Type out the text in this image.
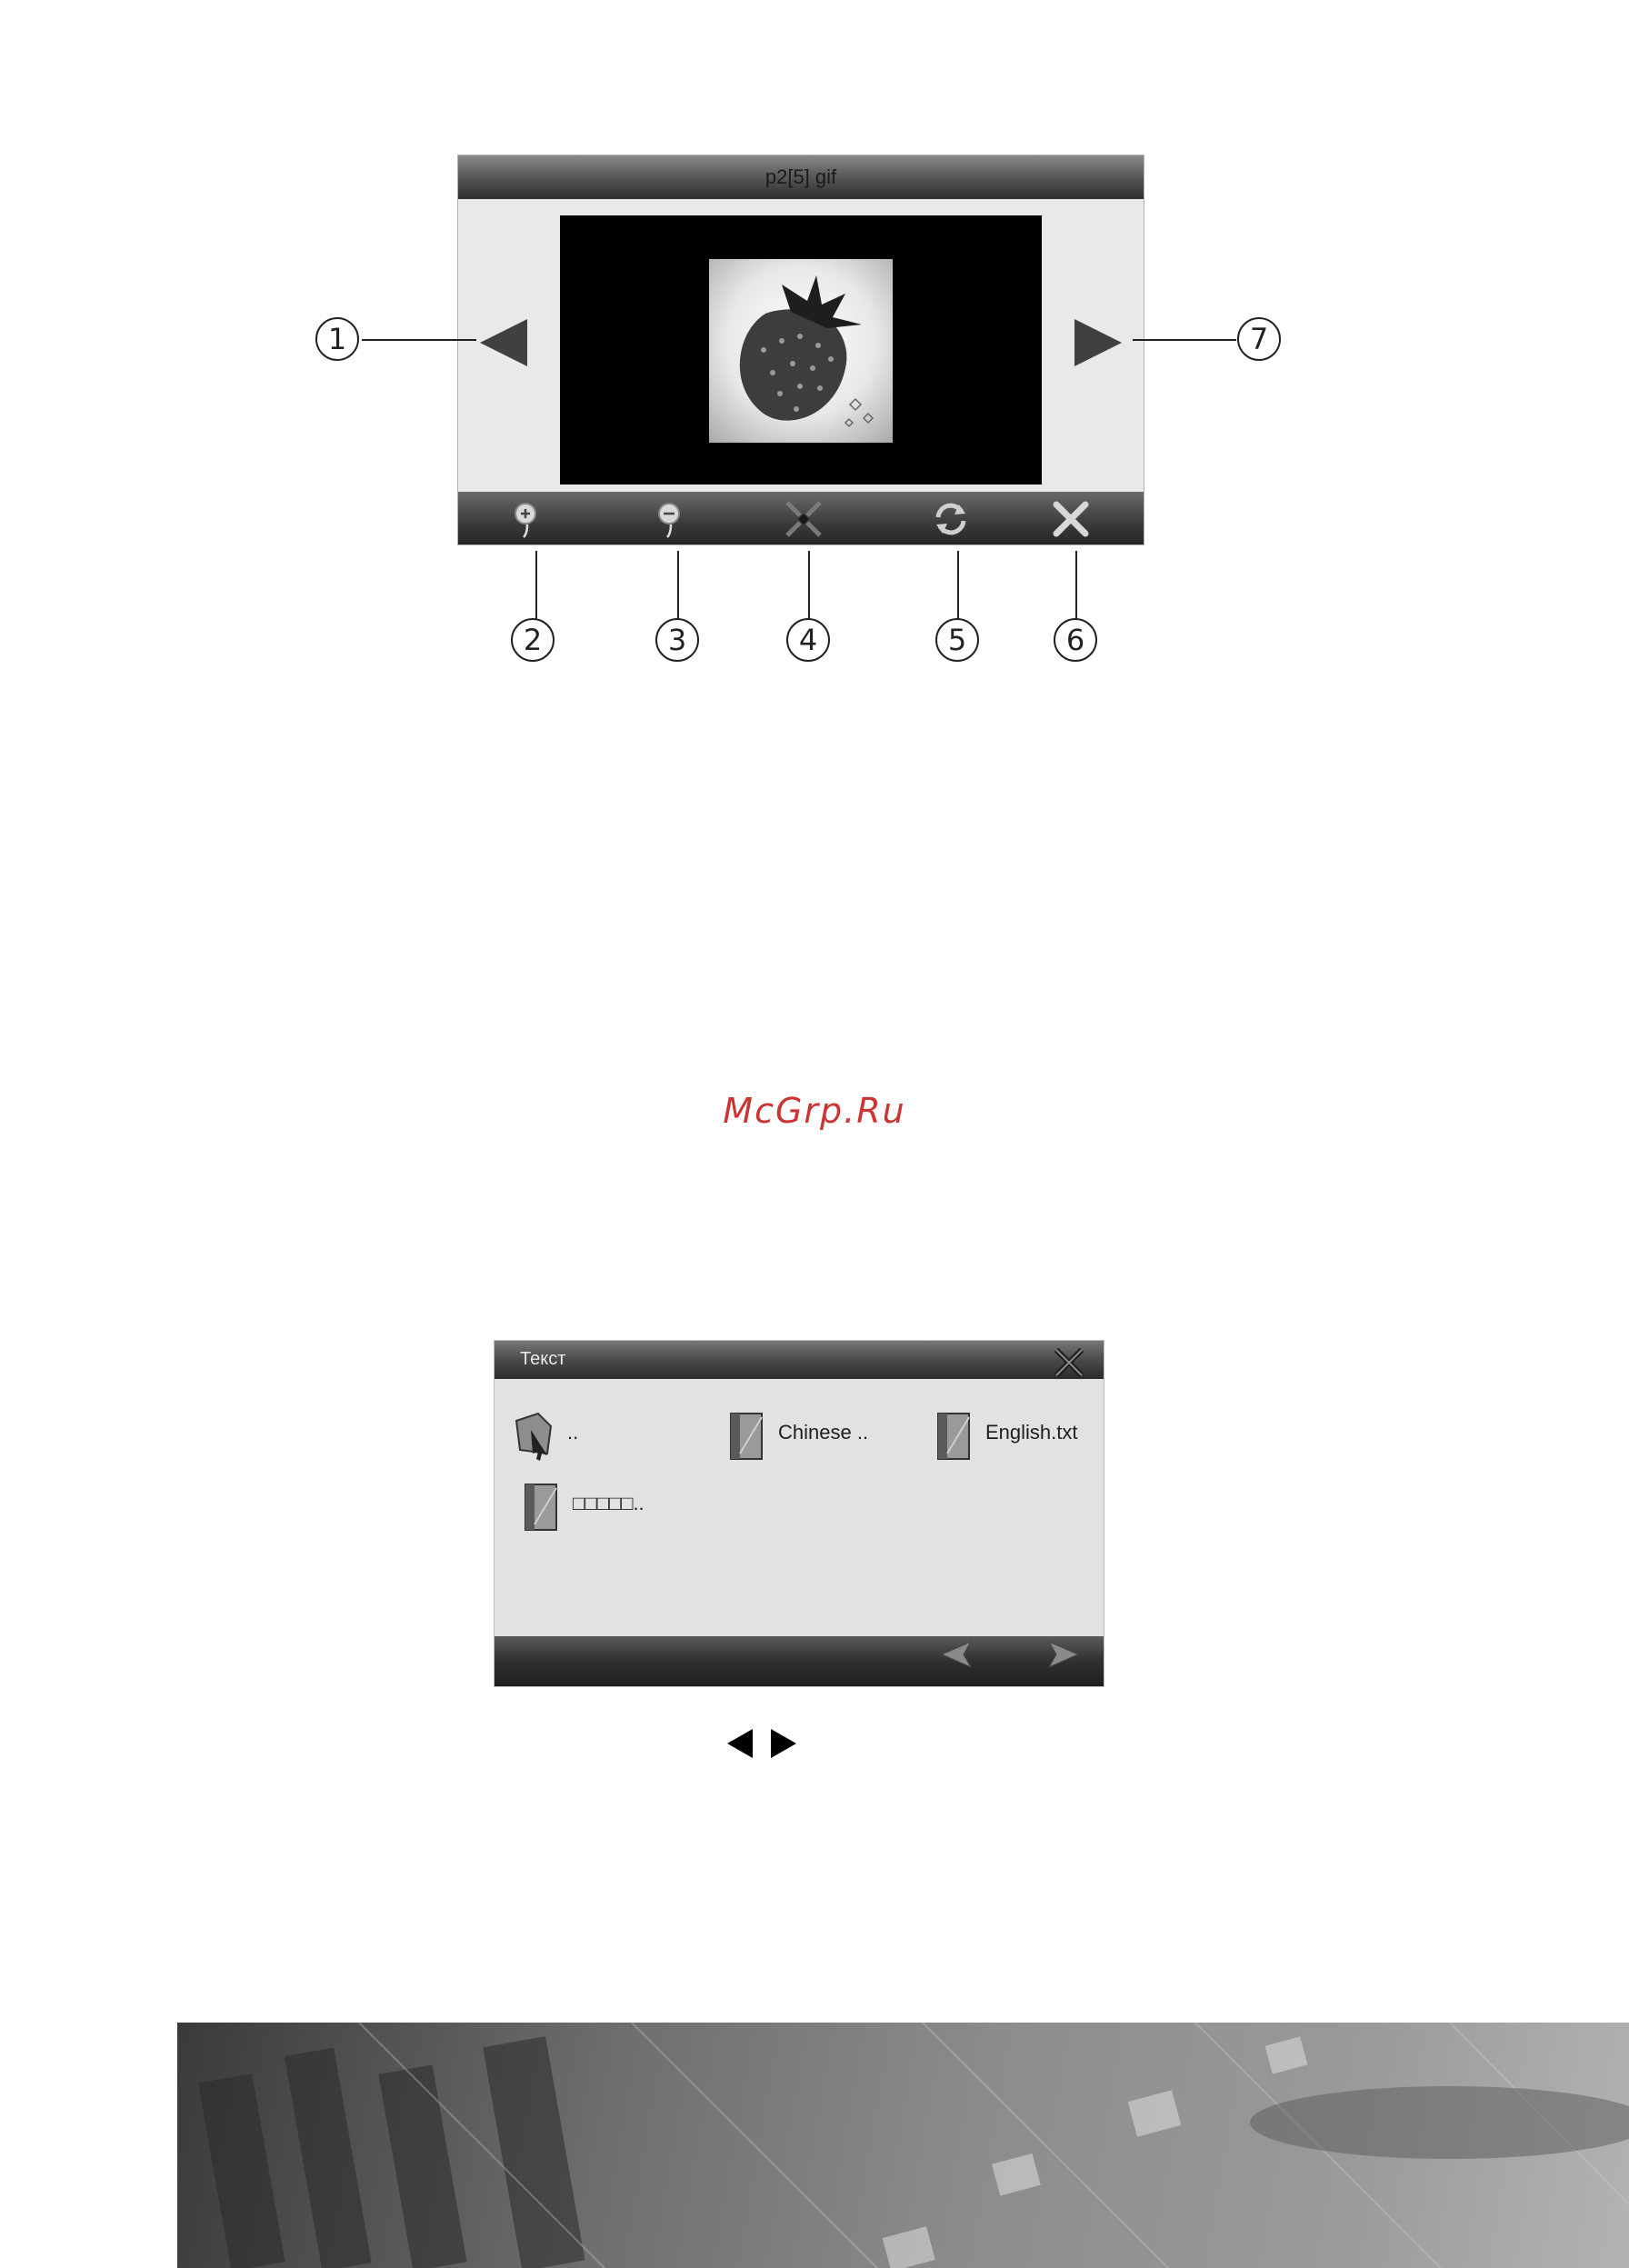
p2[5] gif
1
2	3	4	5	6
7
McGrp.Ru
Текст
..	Chinese ..	English.txt
□□□□□..
